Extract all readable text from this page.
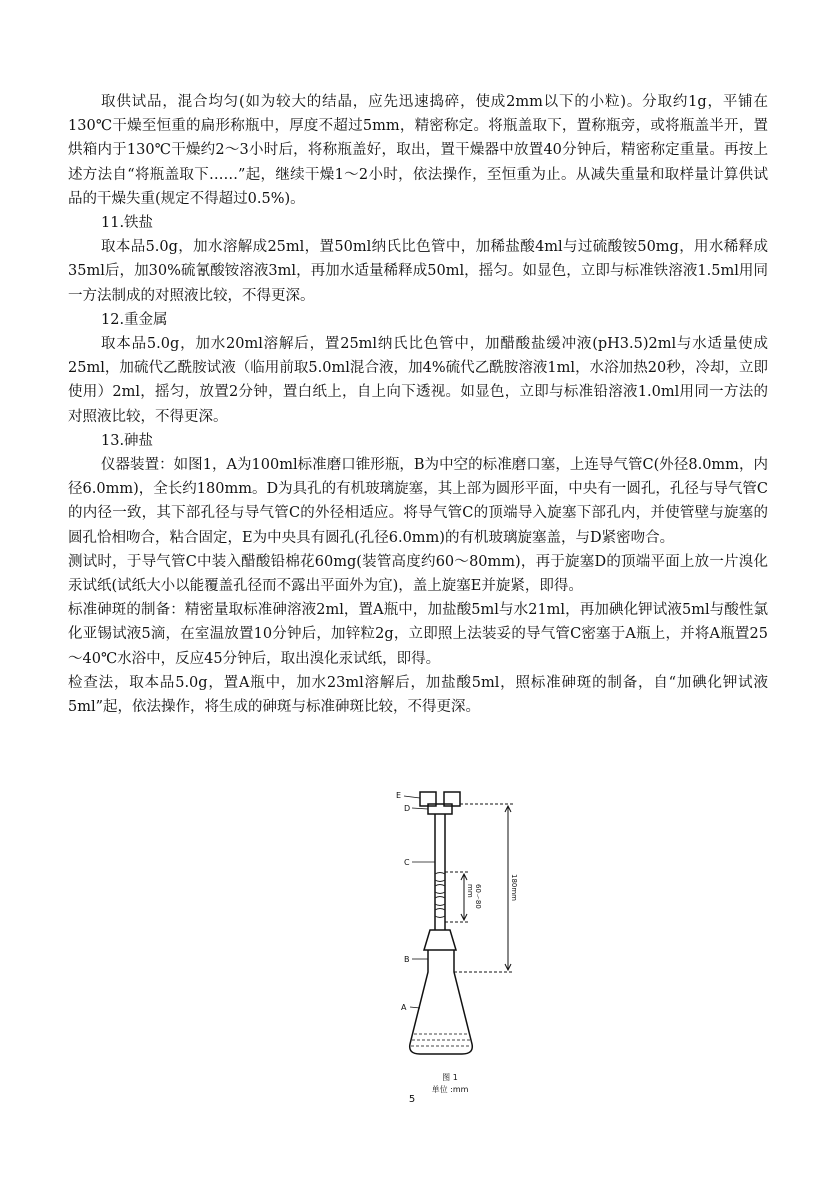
取供试品，混合均匀(如为较大的结晶，应先迅速捣碎，使成2mm以下的小粒)。分取约1g，平铺在130℃干燥至恒重的扁形称瓶中，厚度不超过5mm，精密称定。将瓶盖取下，置称瓶旁，或将瓶盖半开，置烘箱内于130℃干燥约2～3小时后，将称瓶盖好，取出，置干燥器中放置40分钟后，精密称定重量。再按上述方法自“将瓶盖取下……”起，继续干燥1～2小时，依法操作，至恒重为止。从减失重量和取样量计算供试品的干燥失重(规定不得超过0.5%)。

11.铁盐

取本品5.0g，加水溶解成25ml，置50ml纳氏比色管中，加稀盐酸4ml与过硫酸铵50mg，用水稀释成35ml后，加30%硫氰酸铵溶液3ml，再加水适量稀释成50ml，摇匀。如显色，立即与标准铁溶液1.5ml用同一方法制成的对照液比较，不得更深。

12.重金属

取本品5.0g，加水20ml溶解后，置25ml纳氏比色管中，加醋酸盐缓冲液(pH3.5)2ml与水适量使成25ml，加硫代乙酰胺试液（临用前取5.0ml混合液，加4%硫代乙酰胺溶液1ml，水浴加热20秒，冷却，立即使用）2ml，摇匀，放置2分钟，置白纸上，自上向下透视。如显色，立即与标准铅溶液1.0ml用同一方法的对照液比较，不得更深。

13.砷盐

仪器装置：如图1，A为100ml标准磨口锥形瓶，B为中空的标准磨口塞，上连导气管C(外径8.0mm，内径6.0mm)，全长约180mm。D为具孔的有机玻璃旋塞，其上部为圆形平面，中央有一圆孔，孔径与导气管C的内径一致，其下部孔径与导气管C的外径相适应。将导气管C的顶端导入旋塞下部孔内，并使管壁与旋塞的圆孔恰相吻合，粘合固定，E为中央具有圆孔(孔径6.0mm)的有机玻璃旋塞盖，与D紧密吻合。

测试时，于导气管C中装入醋酸铅棉花60mg(装管高度约60～80mm)，再于旋塞D的顶端平面上放一片溴化汞试纸(试纸大小以能覆盖孔径而不露出平面外为宜)，盖上旋塞E并旋紧，即得。

标准砷斑的制备：精密量取标准砷溶液2ml，置A瓶中，加盐酸5ml与水21ml，再加碘化钾试液5ml与酸性氯化亚锡试液5滴，在室温放置10分钟后，加锌粒2g，立即照上法装妥的导气管C密塞于A瓶上，并将A瓶置25～40℃水浴中，反应45分钟后，取出溴化汞试纸，即得。

检查法，取本品5.0g，置A瓶中，加水23ml溶解后，加盐酸5ml，照标准砷斑的制备，自“加碘化钾试液5ml”起，依法操作，将生成的砷斑与标准砷斑比较，不得更深。

E
D
C
B
A
60～80
mm	180mm
图 1
单位 :mm
5
